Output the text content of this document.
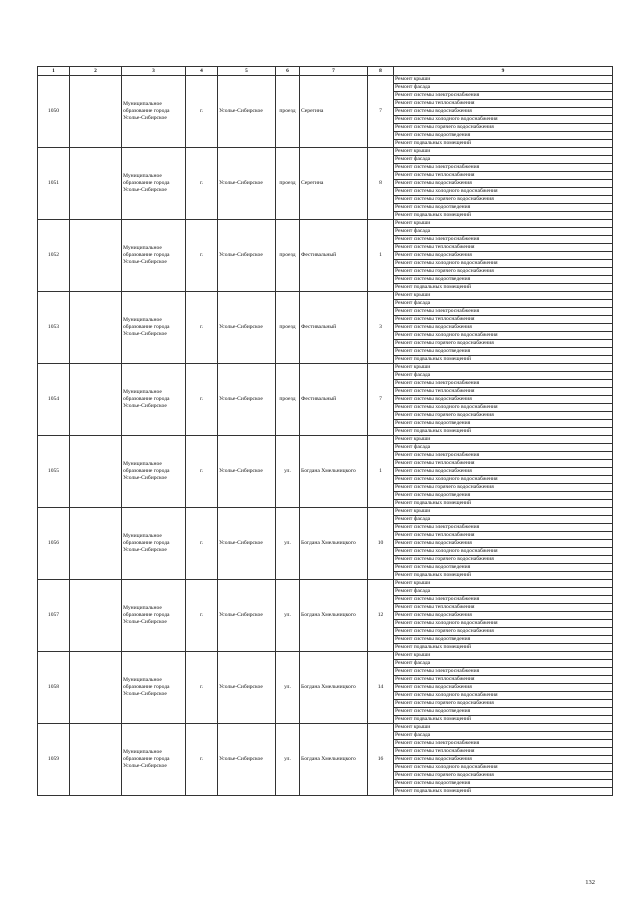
1	2	3	4	5	6	7	8	9
1050		Муниципальное образование города Усолье-Сибирское	г.	Усолье-Сибирское	проезд	Серегина	7	Ремонт крыши
								Ремонт фасада
								Ремонт системы электроснабжения
								Ремонт системы теплоснабжения
								Ремонт системы водоснабжения
								Ремонт системы холодного водоснабжения
								Ремонт системы горячего водоснабжения
								Ремонт системы водоотведения
								Ремонт подвальных помещений
1051		Муниципальное образование города Усолье-Сибирское	г.	Усолье-Сибирское	проезд	Серегина	8	Ремонт крыши
								Ремонт фасада
								Ремонт системы электроснабжения
								Ремонт системы теплоснабжения
								Ремонт системы водоснабжения
								Ремонт системы холодного водоснабжения
								Ремонт системы горячего водоснабжения
								Ремонт системы водоотведения
								Ремонт подвальных помещений
1052		Муниципальное образование города Усолье-Сибирское	г.	Усолье-Сибирское	проезд	Фестивальный	1	Ремонт крыши
								Ремонт фасада
								Ремонт системы электроснабжения
								Ремонт системы теплоснабжения
								Ремонт системы водоснабжения
								Ремонт системы холодного водоснабжения
								Ремонт системы горячего водоснабжения
								Ремонт системы водоотведения
								Ремонт подвальных помещений
1053		Муниципальное образование города Усолье-Сибирское	г.	Усолье-Сибирское	проезд	Фестивальный	3	Ремонт крыши
								Ремонт фасада
								Ремонт системы электроснабжения
								Ремонт системы теплоснабжения
								Ремонт системы водоснабжения
								Ремонт системы холодного водоснабжения
								Ремонт системы горячего водоснабжения
								Ремонт системы водоотведения
								Ремонт подвальных помещений
1054		Муниципальное образование города Усолье-Сибирское	г.	Усолье-Сибирское	проезд	Фестивальный	7	Ремонт крыши
								Ремонт фасада
								Ремонт системы электроснабжения
								Ремонт системы теплоснабжения
								Ремонт системы водоснабжения
								Ремонт системы холодного водоснабжения
								Ремонт системы горячего водоснабжения
								Ремонт системы водоотведения
								Ремонт подвальных помещений
1055		Муниципальное образование города Усолье-Сибирское	г.	Усолье-Сибирское	ул.	Богдана Хмельницкого	1	Ремонт крыши
								Ремонт фасада
								Ремонт системы электроснабжения
								Ремонт системы теплоснабжения
								Ремонт системы водоснабжения
								Ремонт системы холодного водоснабжения
								Ремонт системы горячего водоснабжения
								Ремонт системы водоотведения
								Ремонт подвальных помещений
1056		Муниципальное образование города Усолье-Сибирское	г.	Усолье-Сибирское	ул.	Богдана Хмельницкого	10	Ремонт крыши
								Ремонт фасада
								Ремонт системы электроснабжения
								Ремонт системы теплоснабжения
								Ремонт системы водоснабжения
								Ремонт системы холодного водоснабжения
								Ремонт системы горячего водоснабжения
								Ремонт системы водоотведения
								Ремонт подвальных помещений
1057		Муниципальное образование города Усолье-Сибирское	г.	Усолье-Сибирское	ул.	Богдана Хмельницкого	12	Ремонт крыши
								Ремонт фасада
								Ремонт системы электроснабжения
								Ремонт системы теплоснабжения
								Ремонт системы водоснабжения
								Ремонт системы холодного водоснабжения
								Ремонт системы горячего водоснабжения
								Ремонт системы водоотведения
								Ремонт подвальных помещений
1058		Муниципальное образование города Усолье-Сибирское	г.	Усолье-Сибирское	ул.	Богдана Хмельницкого	14	Ремонт крыши
								Ремонт фасада
								Ремонт системы электроснабжения
								Ремонт системы теплоснабжения
								Ремонт системы водоснабжения
								Ремонт системы холодного водоснабжения
								Ремонт системы горячего водоснабжения
								Ремонт системы водоотведения
								Ремонт подвальных помещений
1059		Муниципальное образование города Усолье-Сибирское	г.	Усолье-Сибирское	ул.	Богдана Хмельницкого	16	Ремонт крыши
								Ремонт фасада
								Ремонт системы электроснабжения
								Ремонт системы теплоснабжения
								Ремонт системы водоснабжения
								Ремонт системы холодного водоснабжения
								Ремонт системы горячего водоснабжения
								Ремонт системы водоотведения
								Ремонт подвальных помещений
132
